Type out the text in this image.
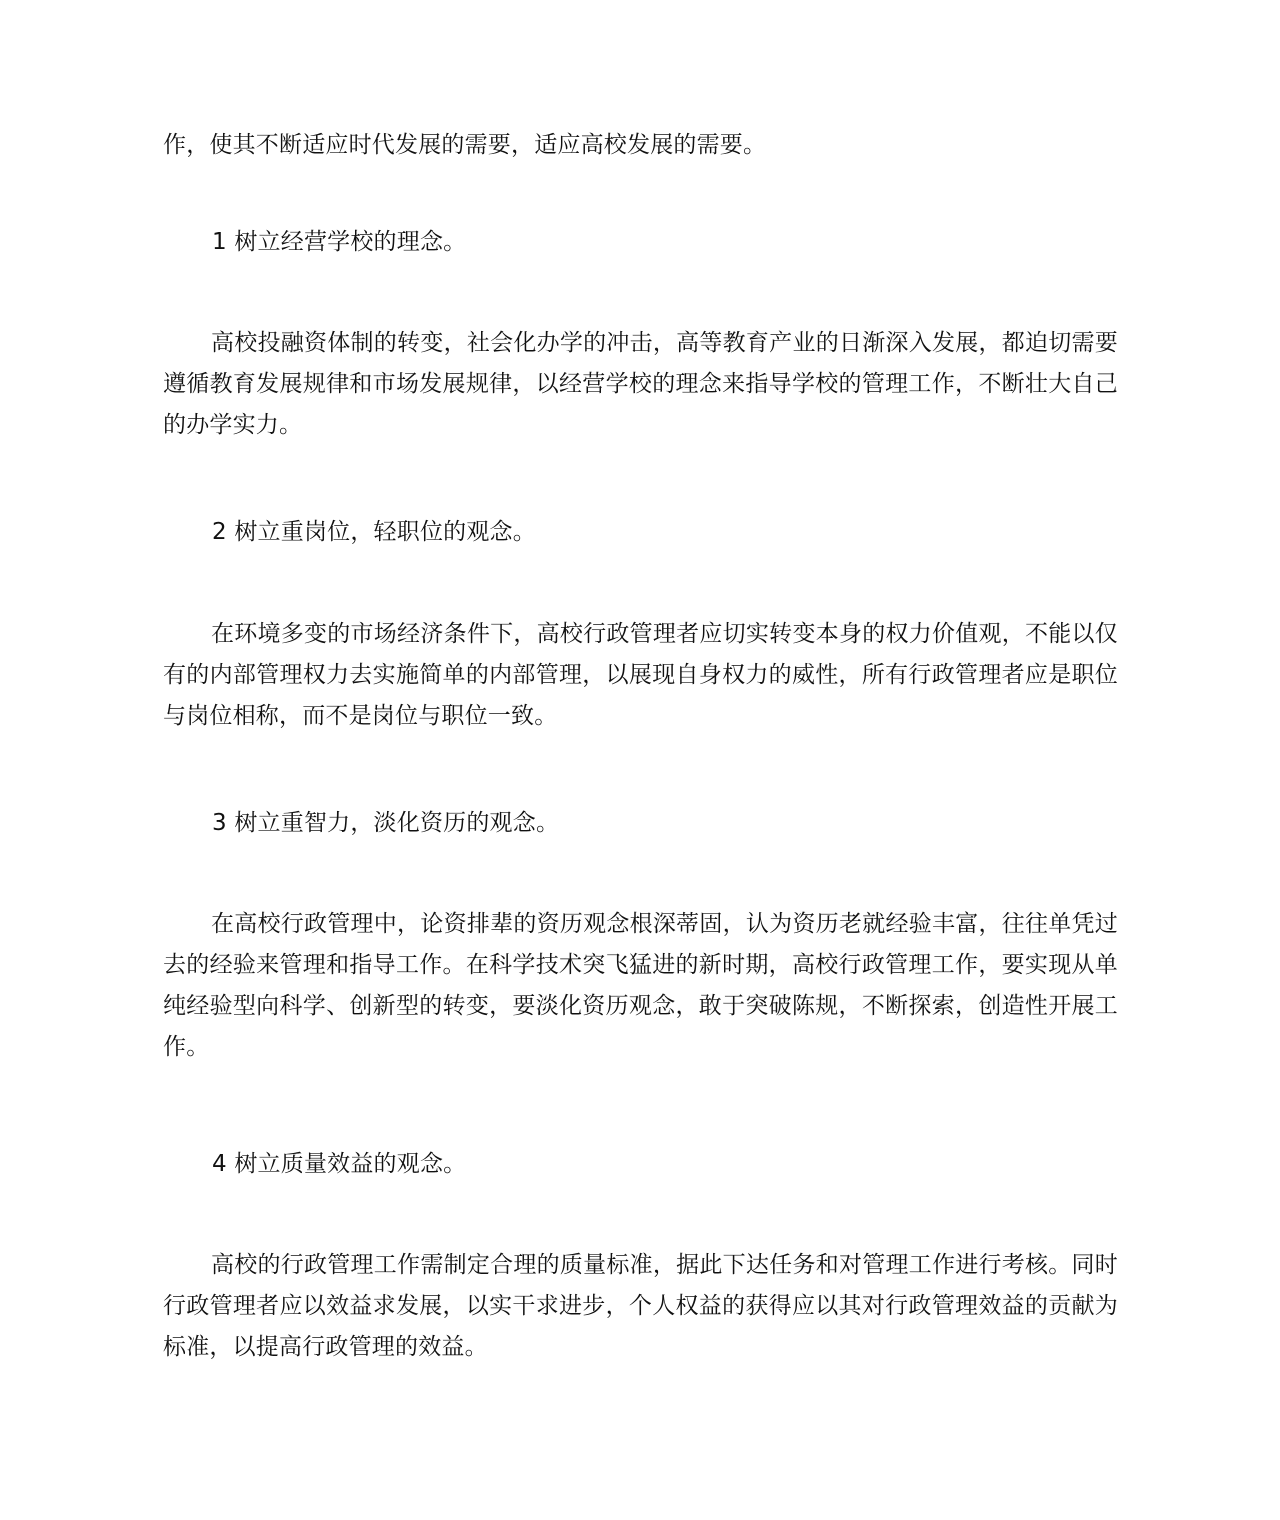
作，使其不断适应时代发展的需要，适应高校发展的需要。

1 树立经营学校的理念。

高校投融资体制的转变，社会化办学的冲击，高等教育产业的日渐深入发展，都迫切需要遵循教育发展规律和市场发展规律，以经营学校的理念来指导学校的管理工作，不断壮大自己的办学实力。

2 树立重岗位，轻职位的观念。

在环境多变的市场经济条件下，高校行政管理者应切实转变本身的权力价值观，不能以仅有的内部管理权力去实施简单的内部管理，以展现自身权力的威性，所有行政管理者应是职位与岗位相称，而不是岗位与职位一致。

3 树立重智力，淡化资历的观念。

在高校行政管理中，论资排辈的资历观念根深蒂固，认为资历老就经验丰富，往往单凭过去的经验来管理和指导工作。在科学技术突飞猛进的新时期，高校行政管理工作，要实现从单纯经验型向科学、创新型的转变，要淡化资历观念，敢于突破陈规，不断探索，创造性开展工作。

4 树立质量效益的观念。

高校的行政管理工作需制定合理的质量标准，据此下达任务和对管理工作进行考核。同时行政管理者应以效益求发展，以实干求进步，个人权益的获得应以其对行政管理效益的贡献为标准，以提高行政管理的效益。
